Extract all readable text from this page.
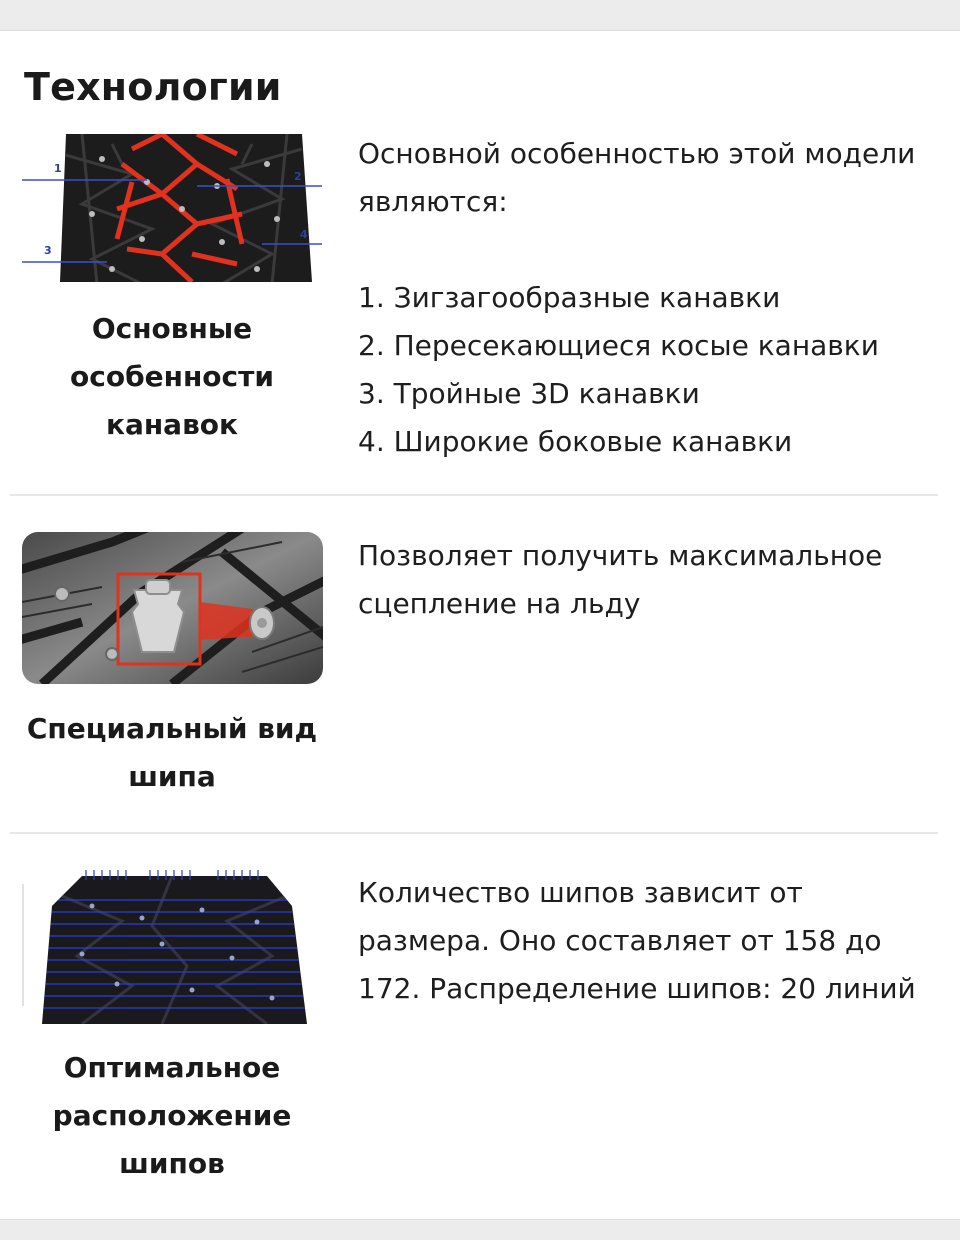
Технологии
1
2
3
4
Основные особенности канавок

Основной особенностью этой модели являются:

1. Зигзагообразные канавки
2. Пересекающиеся косые канавки
3. Тройные 3D канавки
4. Широкие боковые канавки
Специальный вид шипа
Позволяет получить максимальное сцепление на льду
Оптимальное расположение шипов
Количество шипов зависит от размера. Оно составляет от 158 до 172. Распределение шипов: 20 линий
